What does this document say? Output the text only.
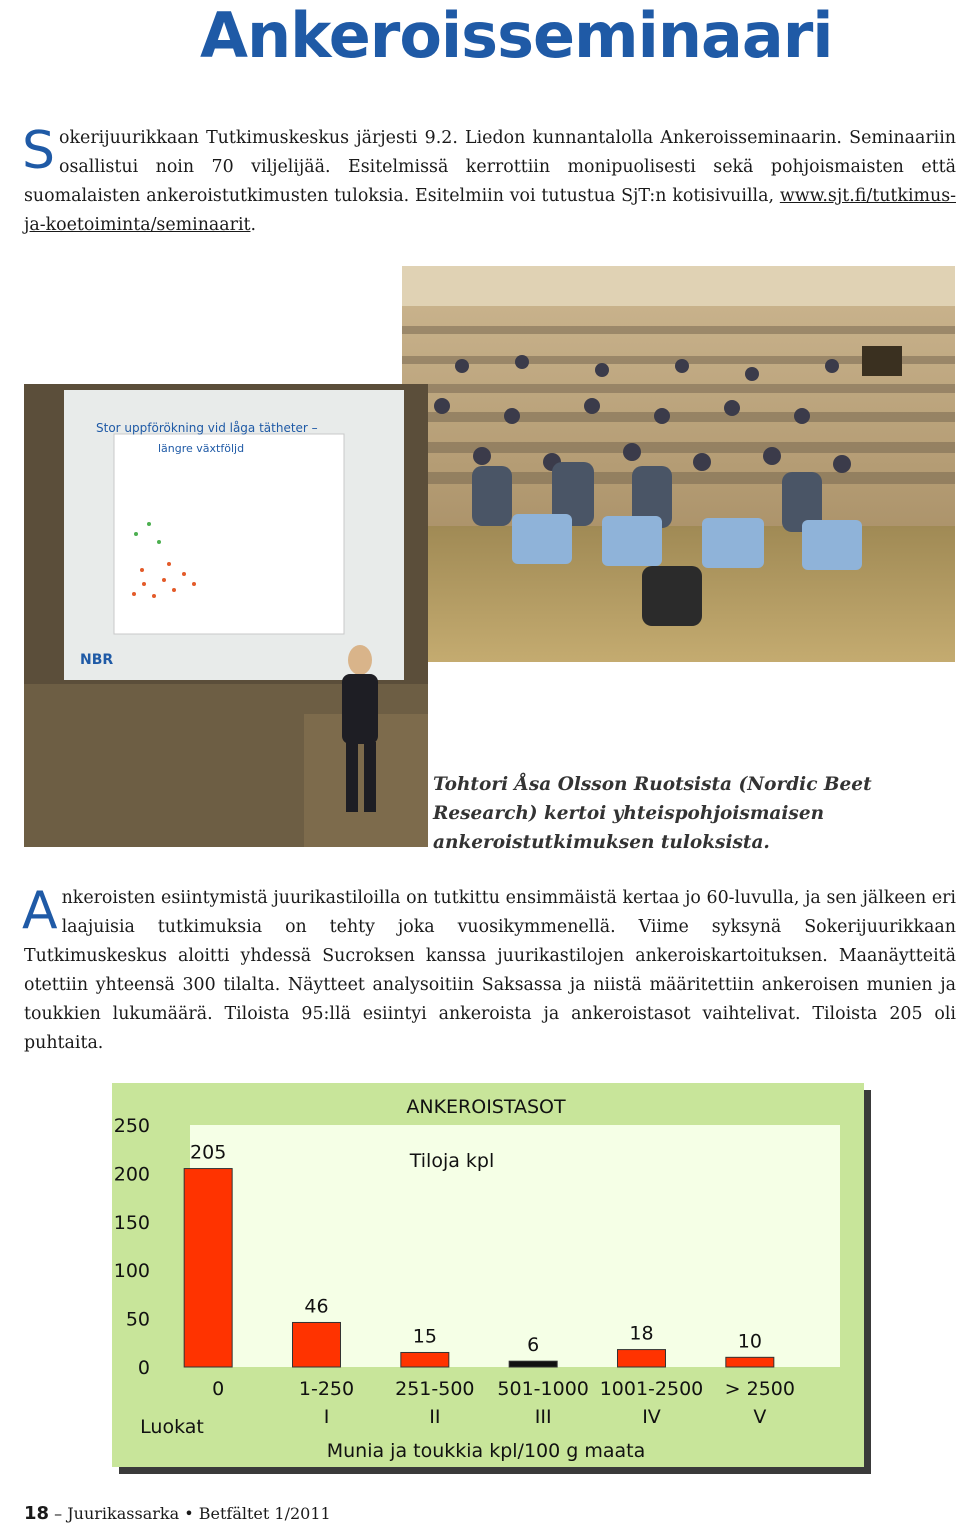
Ankeroisseminaari

Sokerijuurikkaan Tutkimuskeskus järjesti 9.2. Liedon kunnantalolla Ankeroisseminaarin. Seminaariin osallistui noin 70 viljelijää. Esitelmissä kerrottiin monipuolisesti sekä pohjoismaisten että suomalaisten ankeroistutkimusten tuloksia. Esitelmiin voi tutustua SjT:n kotisivuilla, www.sjt.fi/tutkimus-ja-koetoiminta/seminaarit.

Stor uppförökning vid låga tätheter –
längre växtföljd
NBR

Tohtori Åsa Olsson Ruotsista (Nordic Beet Research) kertoi yhteispohjoismaisen ankeroistutkimuksen tuloksista.

Ankeroisten esiintymistä juurikastiloilla on tutkittu ensimmäistä kertaa jo 60-luvulla, ja sen jälkeen eri laajuisia tutkimuksia on tehty joka vuosikymmenellä. Viime syksynä Sokerijuurikkaan Tutkimuskeskus aloitti yhdessä Sucroksen kanssa juurikastilojen ankeroiskartoituksen. Maanäytteitä otettiin yhteensä 300 tilalta. Näytteet analysoitiin Saksassa ja niistä määritettiin ankeroisen munien ja toukkien lukumäärä. Tiloista 95:llä esiintyi ankeroista ja ankeroistasot vaihtelivat. Tiloista 205 oli puhtaita.

ANKEROISTASOT
Tiloja kpl
0
50
100
150
200
250
205
46
15	6
18	10
0	1-250
I
251-500
II
501-1000
III
1001-2500
IV
> 2500
V
Luokat
Munia ja toukkia kpl/100 g maata
18 – Juurikassarka • Betfältet 1/2011
